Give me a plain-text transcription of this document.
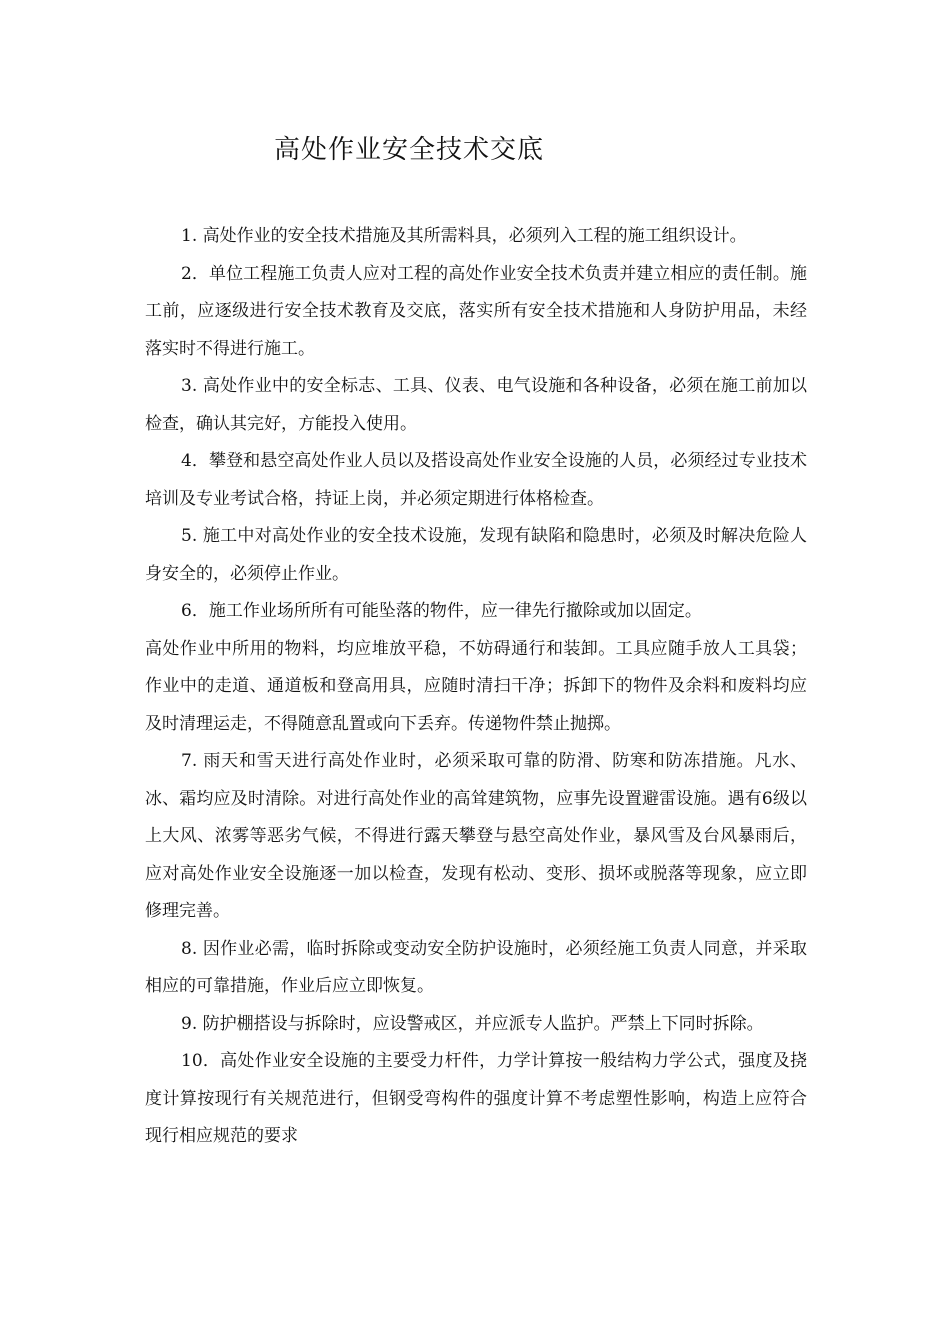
高处作业安全技术交底

1. 高处作业的安全技术措施及其所需料具，必须列入工程的施工组织设计。

2．单位工程施工负责人应对工程的高处作业安全技术负责并建立相应的责任制。施工前，应逐级进行安全技术教育及交底，落实所有安全技术措施和人身防护用品，未经落实时不得进行施工。

3. 高处作业中的安全标志、工具、仪表、电气设施和各种设备，必须在施工前加以检查，确认其完好，方能投入使用。

4．攀登和悬空高处作业人员以及搭设高处作业安全设施的人员，必须经过专业技术培训及专业考试合格，持证上岗，并必须定期进行体格检查。

5. 施工中对高处作业的安全技术设施，发现有缺陷和隐患时，必须及时解决危险人身安全的，必须停止作业。

6．施工作业场所所有可能坠落的物件，应一律先行撤除或加以固定。

高处作业中所用的物料，均应堆放平稳，不妨碍通行和装卸。工具应随手放人工具袋；作业中的走道、通道板和登高用具，应随时清扫干净；拆卸下的物件及余料和废料均应及时清理运走，不得随意乱置或向下丢弃。传递物件禁止抛掷。

7. 雨天和雪天进行高处作业时，必须采取可靠的防滑、防寒和防冻措施。凡水、冰、霜均应及时清除。对进行高处作业的高耸建筑物，应事先设置避雷设施。遇有6级以上大风、浓雾等恶劣气候，不得进行露天攀登与悬空高处作业，暴风雪及台风暴雨后，应对高处作业安全设施逐一加以检查，发现有松动、变形、损坏或脱落等现象，应立即修理完善。

8. 因作业必需，临时拆除或变动安全防护设施时，必须经施工负责人同意，并采取相应的可靠措施，作业后应立即恢复。

9. 防护棚搭设与拆除时，应设警戒区，并应派专人监护。严禁上下同时拆除。

10．高处作业安全设施的主要受力杆件，力学计算按一般结构力学公式，强度及挠度计算按现行有关规范进行，但钢受弯构件的强度计算不考虑塑性影响，构造上应符合现行相应规范的要求
